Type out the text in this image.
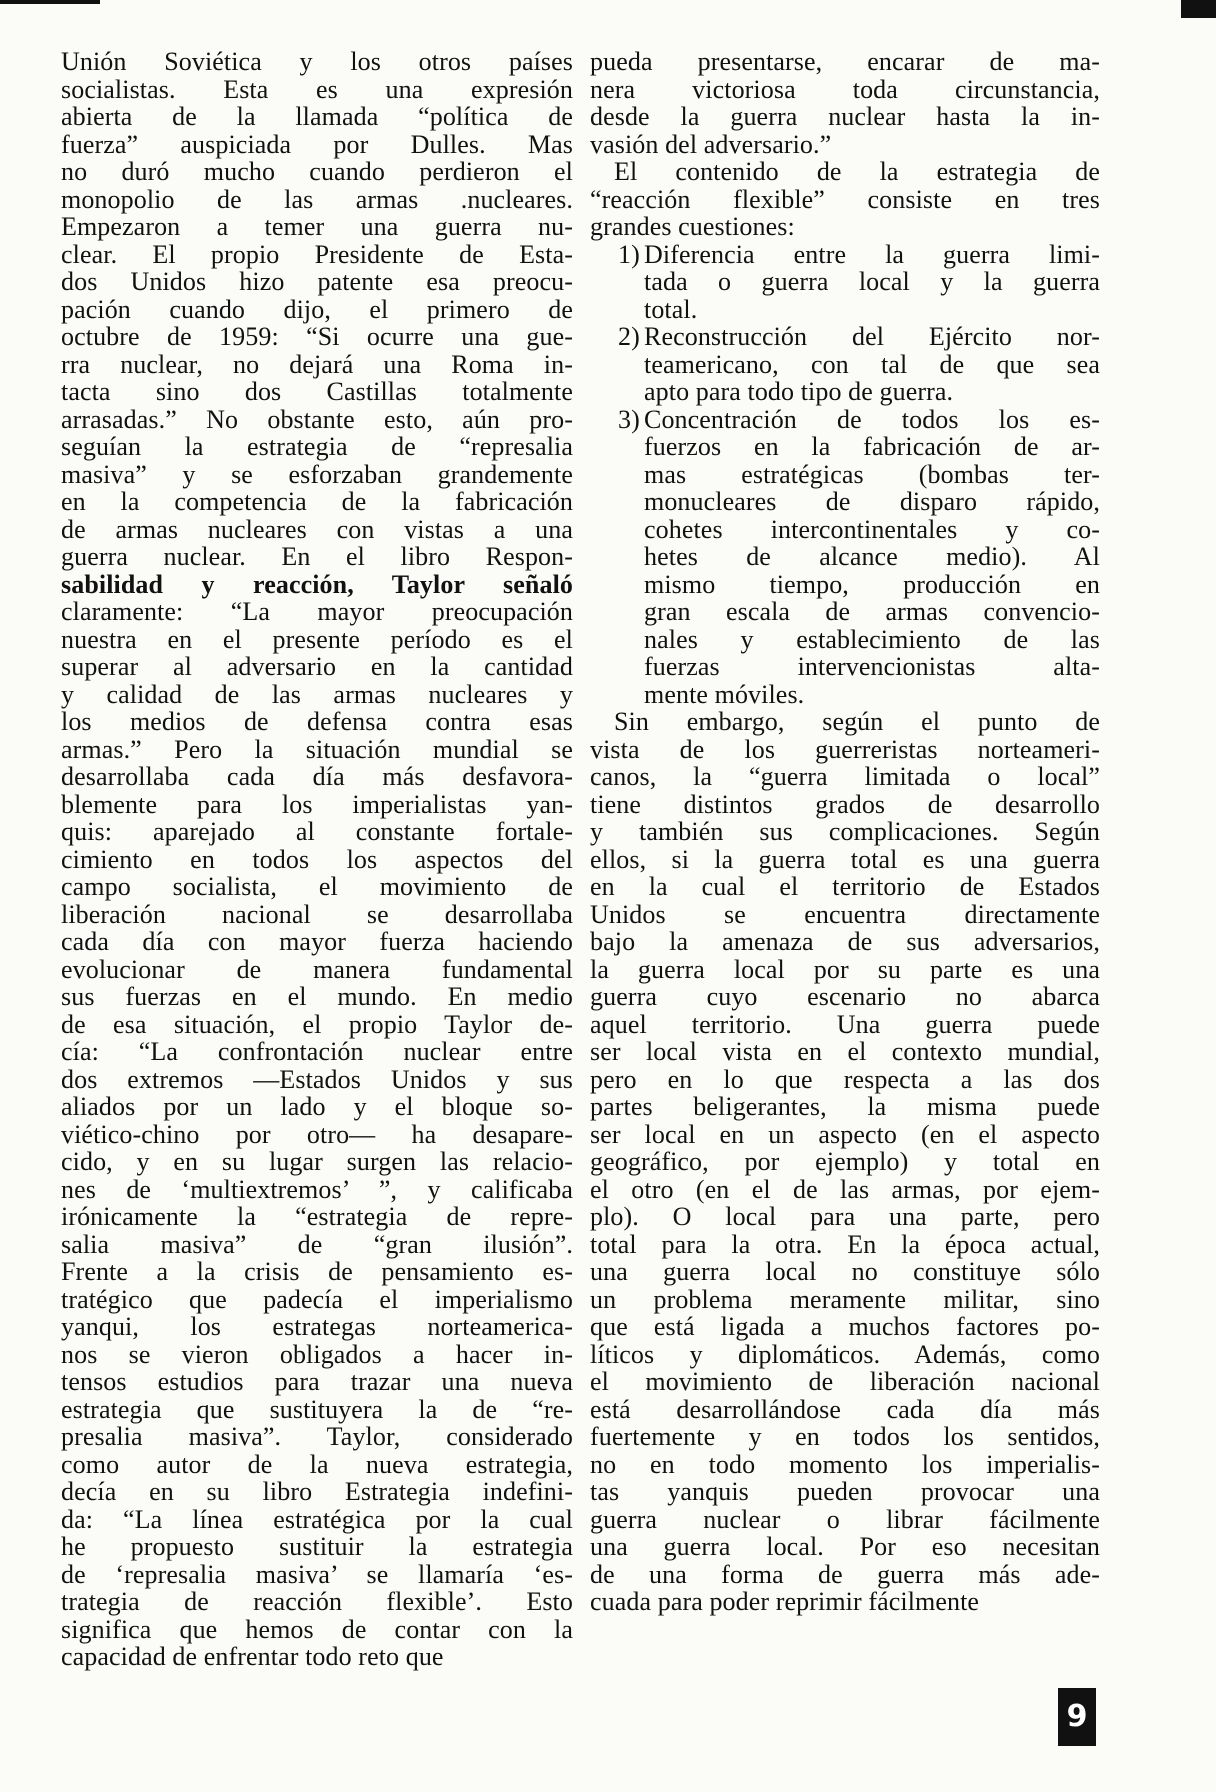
Unión Soviética y los otros países
socialistas. Esta es una expresión
abierta de la llamada “política de
fuerza” auspiciada por Dulles. Mas
no duró mucho cuando perdieron el
monopolio de las armas .nucleares.
Empezaron a temer una guerra nu-
clear. El propio Presidente de Esta-
dos Unidos hizo patente esa preocu-
pación cuando dijo, el primero de
octubre de 1959: “Si ocurre una gue-
rra nuclear, no dejará una Roma in-
tacta sino dos Castillas totalmente
arrasadas.” No obstante esto, aún pro-
seguían la estrategia de “represalia
masiva” y se esforzaban grandemente
en la competencia de la fabricación
de armas nucleares con vistas a una
guerra nuclear. En el libro Respon-
sabilidad y reacción, Taylor señaló
claramente: “La mayor preocupación
nuestra en el presente período es el
superar al adversario en la cantidad
y calidad de las armas nucleares y
los medios de defensa contra esas
armas.” Pero la situación mundial se
desarrollaba cada día más desfavora-
blemente para los imperialistas yan-
quis: aparejado al constante fortale-
cimiento en todos los aspectos del
campo socialista, el movimiento de
liberación nacional se desarrollaba
cada día con mayor fuerza haciendo
evolucionar de manera fundamental
sus fuerzas en el mundo. En medio
de esa situación, el propio Taylor de-
cía: “La confrontación nuclear entre
dos extremos —Estados Unidos y sus
aliados por un lado y el bloque so-
viético-chino por otro— ha desapare-
cido, y en su lugar surgen las relacio-
nes de ‘multiextremos’ ”, y calificaba
irónicamente la “estrategia de repre-
salia masiva” de “gran ilusión”.
Frente a la crisis de pensamiento es-
tratégico que padecía el imperialismo
yanqui, los estrategas norteamerica-
nos se vieron obligados a hacer in-
tensos estudios para trazar una nueva
estrategia que sustituyera la de “re-
presalia masiva”. Taylor, considerado
como autor de la nueva estrategia,
decía en su libro Estrategia indefini-
da: “La línea estratégica por la cual
he propuesto sustituir la estrategia
de ‘represalia masiva’ se llamaría ‘es-
trategia de reacción flexible’. Esto
significa que hemos de contar con la
capacidad de enfrentar todo reto que
pueda presentarse, encarar de ma-
nera victoriosa toda circunstancia,
desde la guerra nuclear hasta la in-
vasión del adversario.”
El contenido de la estrategia de
“reacción flexible” consiste en tres
grandes cuestiones:
1) Diferencia entre la guerra limi-
tada o guerra local y la guerra
total.
2) Reconstrucción del Ejército nor-
teamericano, con tal de que sea
apto para todo tipo de guerra.
3) Concentración de todos los es-
fuerzos en la fabricación de ar-
mas estratégicas (bombas ter-
monucleares de disparo rápido,
cohetes intercontinentales y co-
hetes de alcance medio). Al
mismo tiempo, producción en
gran escala de armas convencio-
nales y establecimiento de las
fuerzas intervencionistas alta-
mente móviles.
Sin embargo, según el punto de
vista de los guerreristas norteameri-
canos, la “guerra limitada o local”
tiene distintos grados de desarrollo
y también sus complicaciones. Según
ellos, si la guerra total es una guerra
en la cual el territorio de Estados
Unidos se encuentra directamente
bajo la amenaza de sus adversarios,
la guerra local por su parte es una
guerra cuyo escenario no abarca
aquel territorio. Una guerra puede
ser local vista en el contexto mundial,
pero en lo que respecta a las dos
partes beligerantes, la misma puede
ser local en un aspecto (en el aspecto
geográfico, por ejemplo) y total en
el otro (en el de las armas, por ejem-
plo). O local para una parte, pero
total para la otra. En la época actual,
una guerra local no constituye sólo
un problema meramente militar, sino
que está ligada a muchos factores po-
líticos y diplomáticos. Además, como
el movimiento de liberación nacional
está desarrollándose cada día más
fuertemente y en todos los sentidos,
no en todo momento los imperialis-
tas yanquis pueden provocar una
guerra nuclear o librar fácilmente
una guerra local. Por eso necesitan
de una forma de guerra más ade-
cuada para poder reprimir fácilmente
9
